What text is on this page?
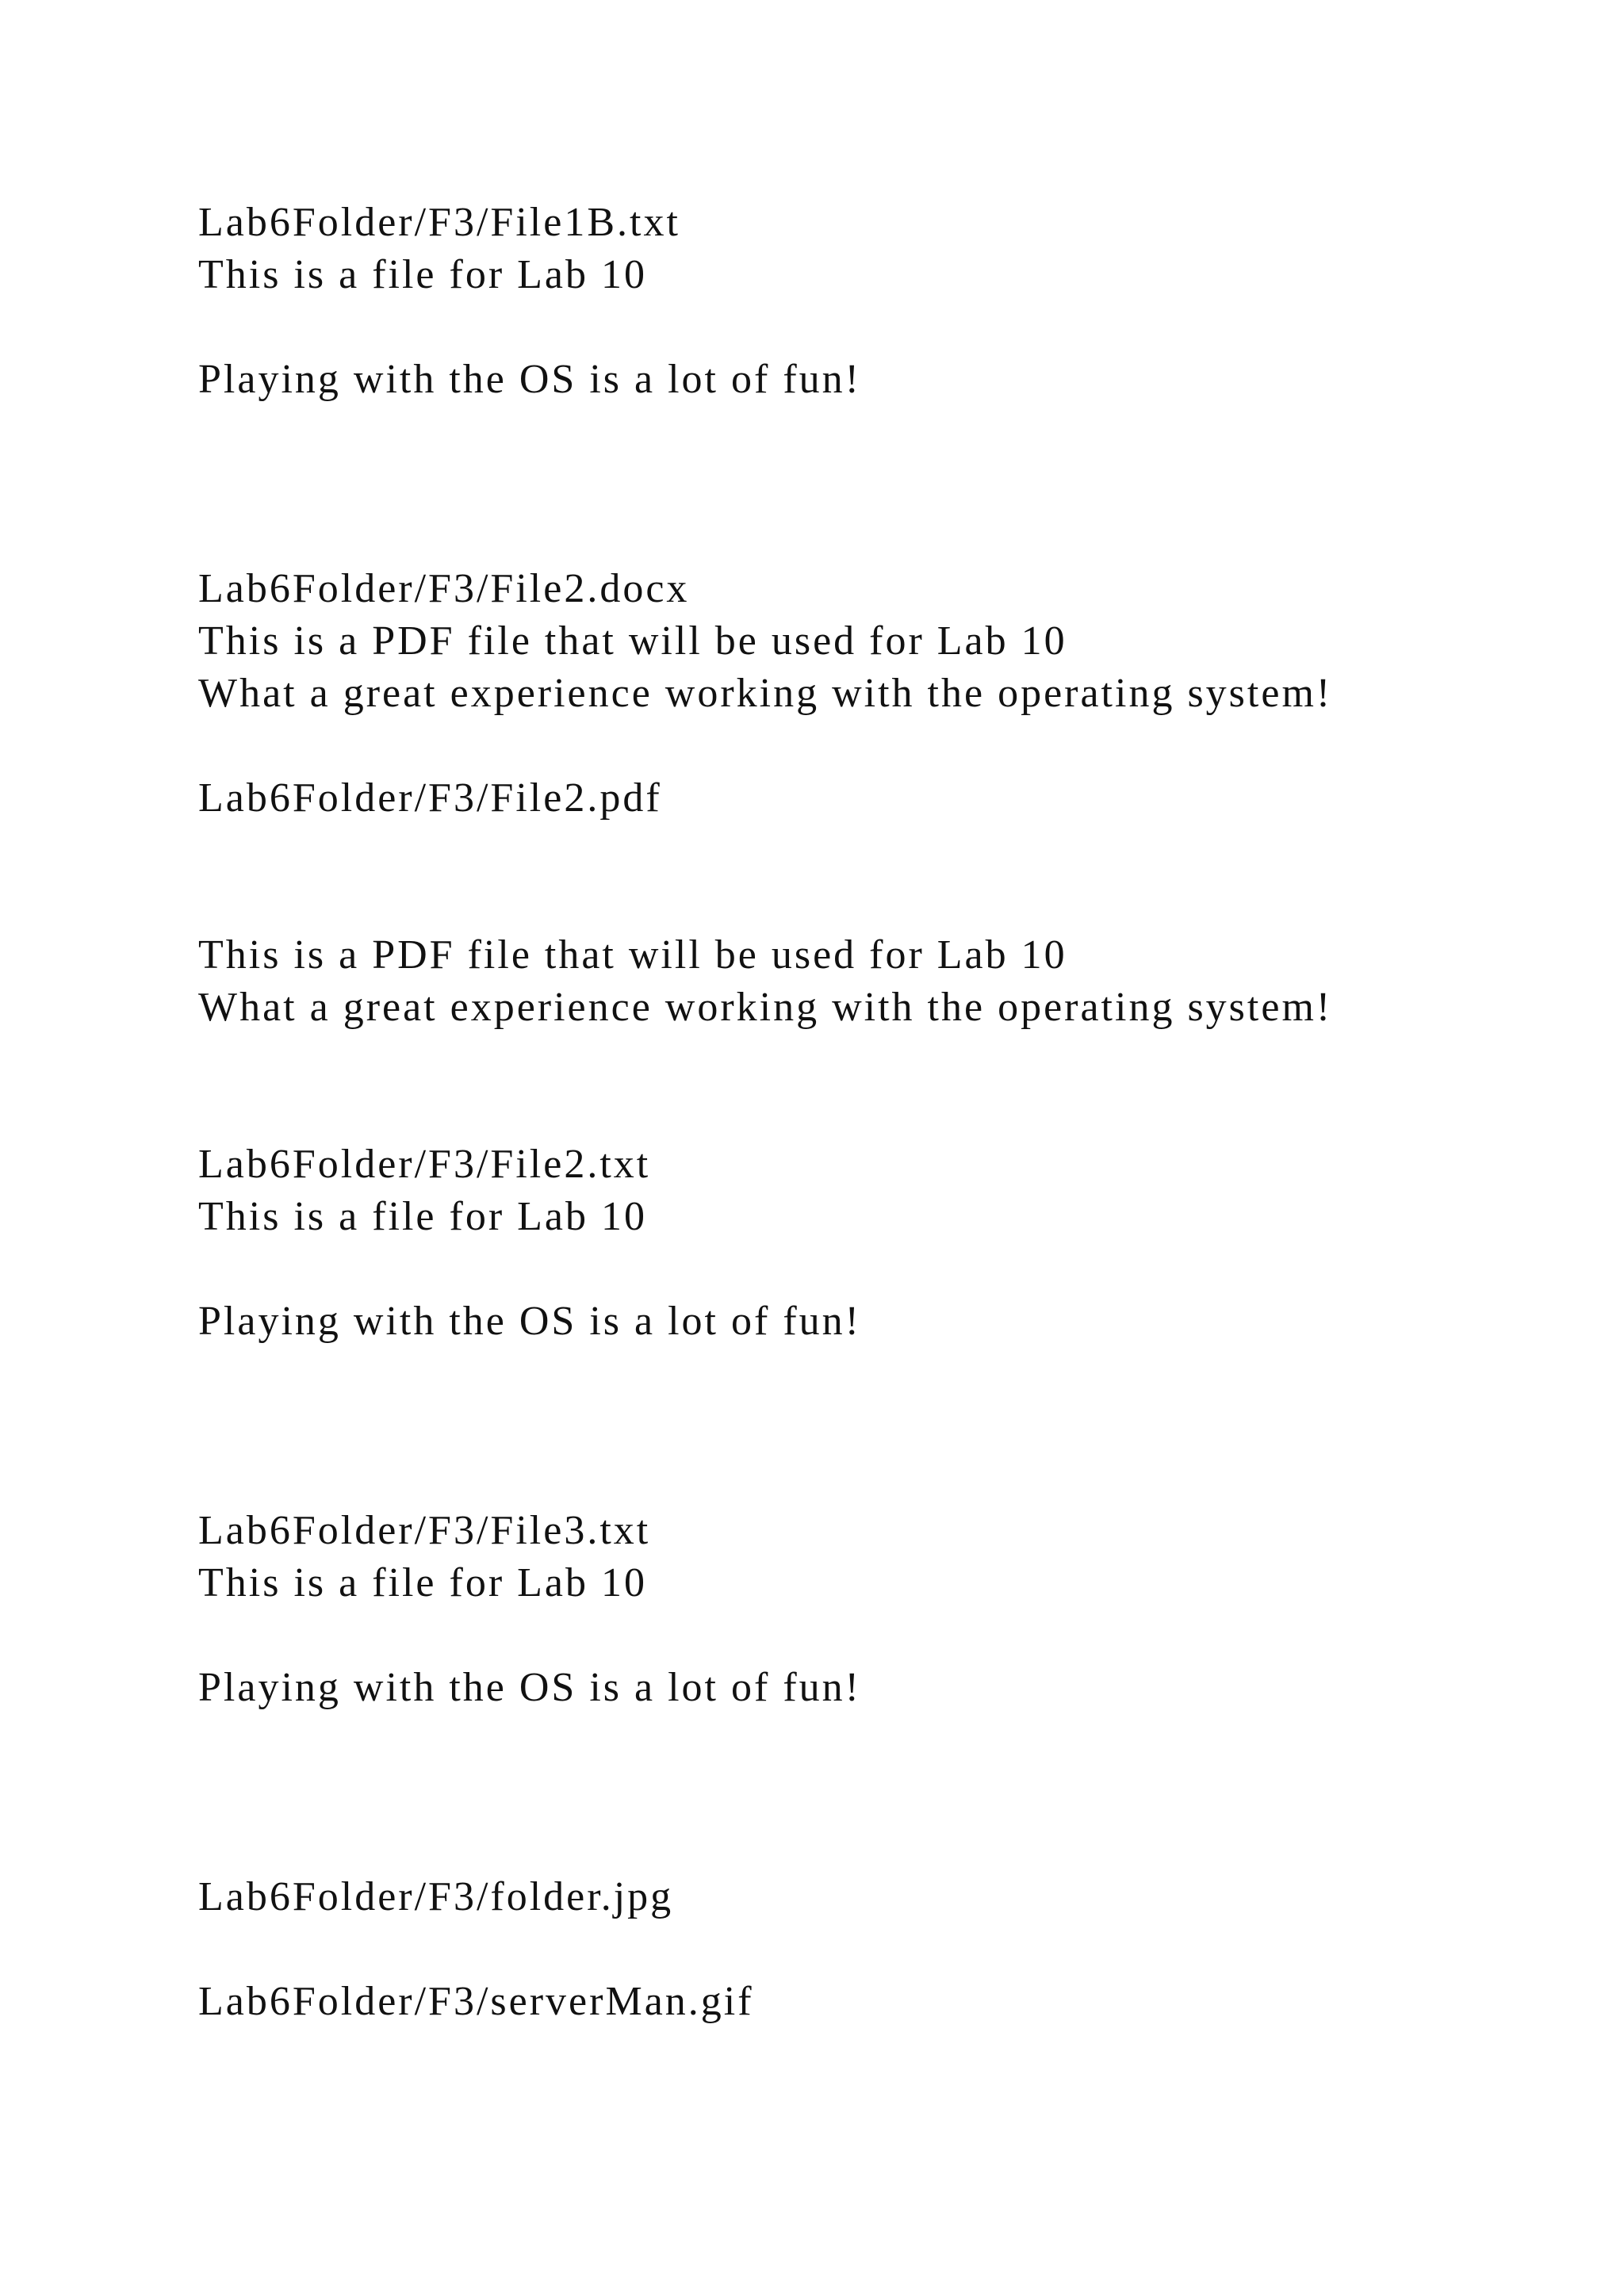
Lab6Folder/F3/File1B.txt

This is a file for Lab 10

Playing with the OS is a lot of fun!

Lab6Folder/F3/File2.docx

This is a PDF file that will be used for Lab 10

What a great experience working with the operating system!

Lab6Folder/F3/File2.pdf

This is a PDF file that will be used for Lab 10

What a great experience working with the operating system!

Lab6Folder/F3/File2.txt

This is a file for Lab 10

Playing with the OS is a lot of fun!

Lab6Folder/F3/File3.txt

This is a file for Lab 10

Playing with the OS is a lot of fun!

Lab6Folder/F3/folder.jpg

Lab6Folder/F3/serverMan.gif
